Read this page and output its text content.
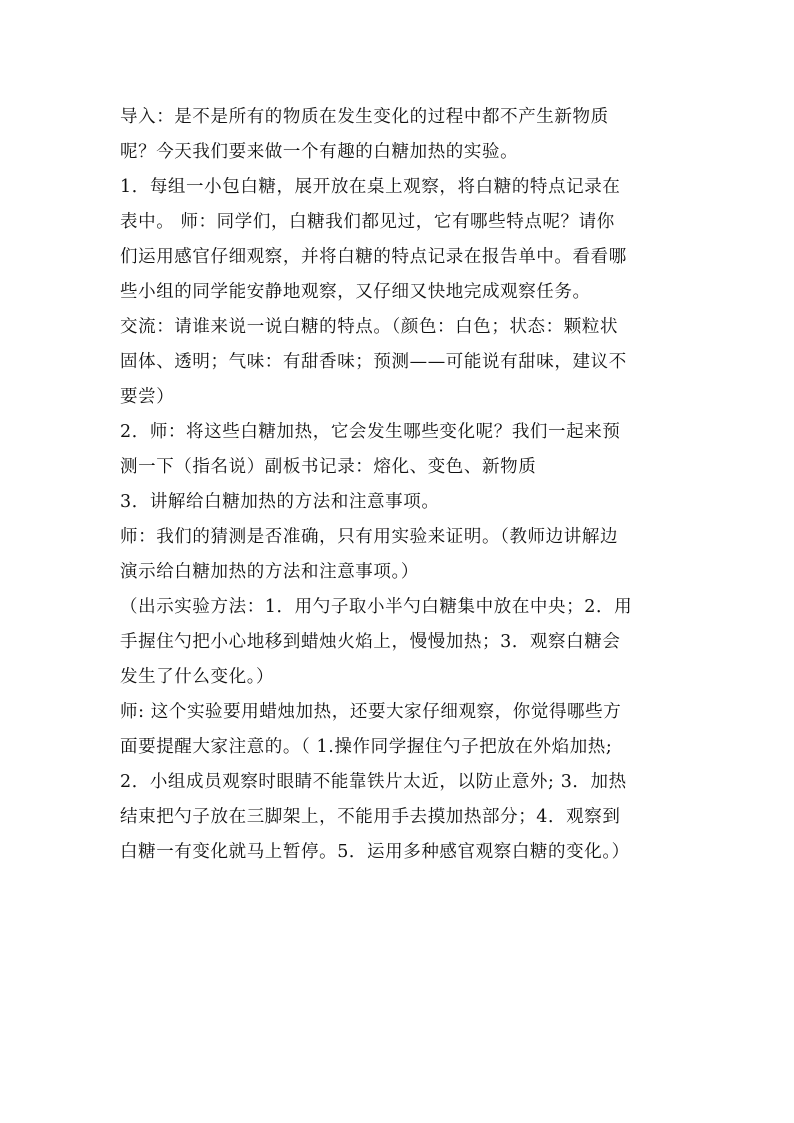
导入：是不是所有的物质在发生变化的过程中都不产生新物质
呢？今天我们要来做一个有趣的白糖加热的实验。
1．每组一小包白糖，展开放在桌上观察，将白糖的特点记录在
表中。 师：同学们，白糖我们都见过，它有哪些特点呢？请你
们运用感官仔细观察，并将白糖的特点记录在报告单中。看看哪
些小组的同学能安静地观察，又仔细又快地完成观察任务。
交流：请谁来说一说白糖的特点。（颜色：白色；状态：颗粒状
固体、透明；气味：有甜香味；预测——可能说有甜味，建议不
要尝）
2．师：将这些白糖加热，它会发生哪些变化呢？我们一起来预
测一下（指名说）副板书记录：熔化、变色、新物质
3．讲解给白糖加热的方法和注意事项。
师：我们的猜测是否准确，只有用实验来证明。（教师边讲解边
演示给白糖加热的方法和注意事项。）
（出示实验方法：1．用勺子取小半勺白糖集中放在中央；2．用
手握住勺把小心地移到蜡烛火焰上，慢慢加热；3．观察白糖会
发生了什么变化。）
师: 这个实验要用蜡烛加热，还要大家仔细观察，你觉得哪些方
面要提醒大家注意的。（ 1.操作同学握住勺子把放在外焰加热;
2．小组成员观察时眼睛不能靠铁片太近，以防止意外; 3．加热
结束把勺子放在三脚架上，不能用手去摸加热部分；4．观察到
白糖一有变化就马上暂停。5．运用多种感官观察白糖的变化。）
